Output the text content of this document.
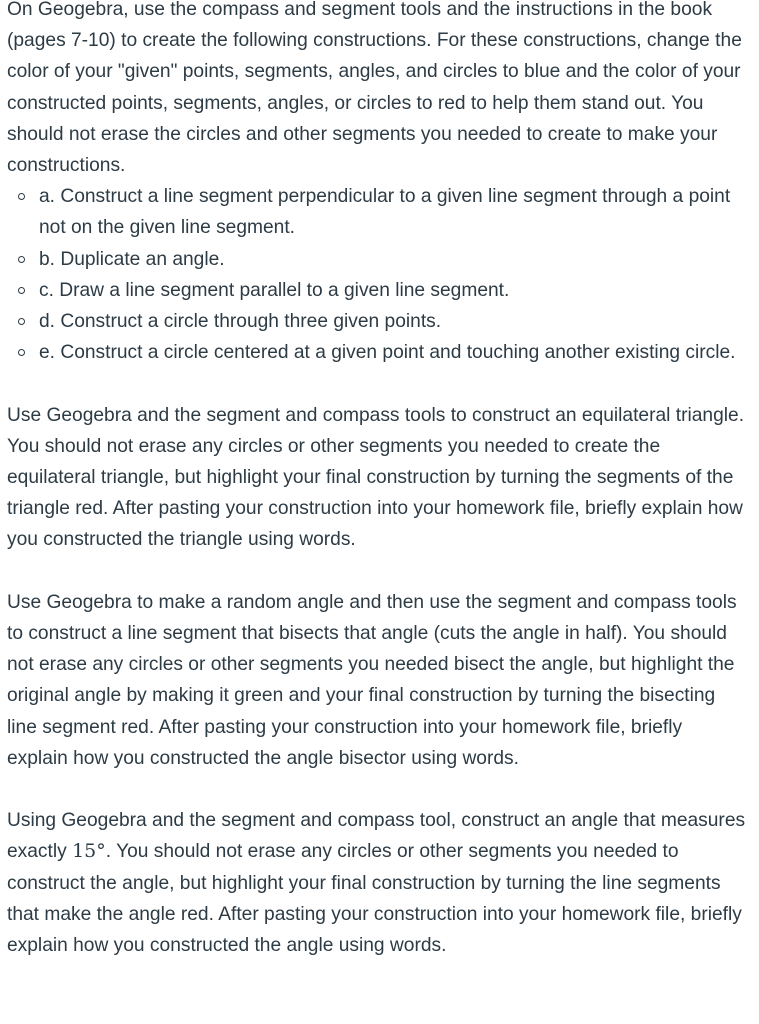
On Geogebra, use the compass and segment tools and the instructions in the book (pages 7-10) to create the following constructions. For these constructions, change the color of your "given" points, segments, angles, and circles to blue and the color of your constructed points, segments, angles, or circles to red to help them stand out. You should not erase the circles and other segments you needed to create to make your constructions.

a. Construct a line segment perpendicular to a given line segment through a point not on the given line segment.
b. Duplicate an angle.
c. Draw a line segment parallel to a given line segment.
d. Construct a circle through three given points.
e. Construct a circle centered at a given point and touching another existing circle.

Use Geogebra and the segment and compass tools to construct an equilateral triangle. You should not erase any circles or other segments you needed to create the equilateral triangle, but highlight your final construction by turning the segments of the triangle red. After pasting your construction into your homework file, briefly explain how you constructed the triangle using words.

Use Geogebra to make a random angle and then use the segment and compass tools to construct a line segment that bisects that angle (cuts the angle in half). You should not erase any circles or other segments you needed bisect the angle, but highlight the original angle by making it green and your final construction by turning the bisecting line segment red. After pasting your construction into your homework file, briefly explain how you constructed the angle bisector using words.

Using Geogebra and the segment and compass tool, construct an angle that measures exactly 15°. You should not erase any circles or other segments you needed to construct the angle, but highlight your final construction by turning the line segments that make the angle red. After pasting your construction into your homework file, briefly explain how you constructed the angle using words.
